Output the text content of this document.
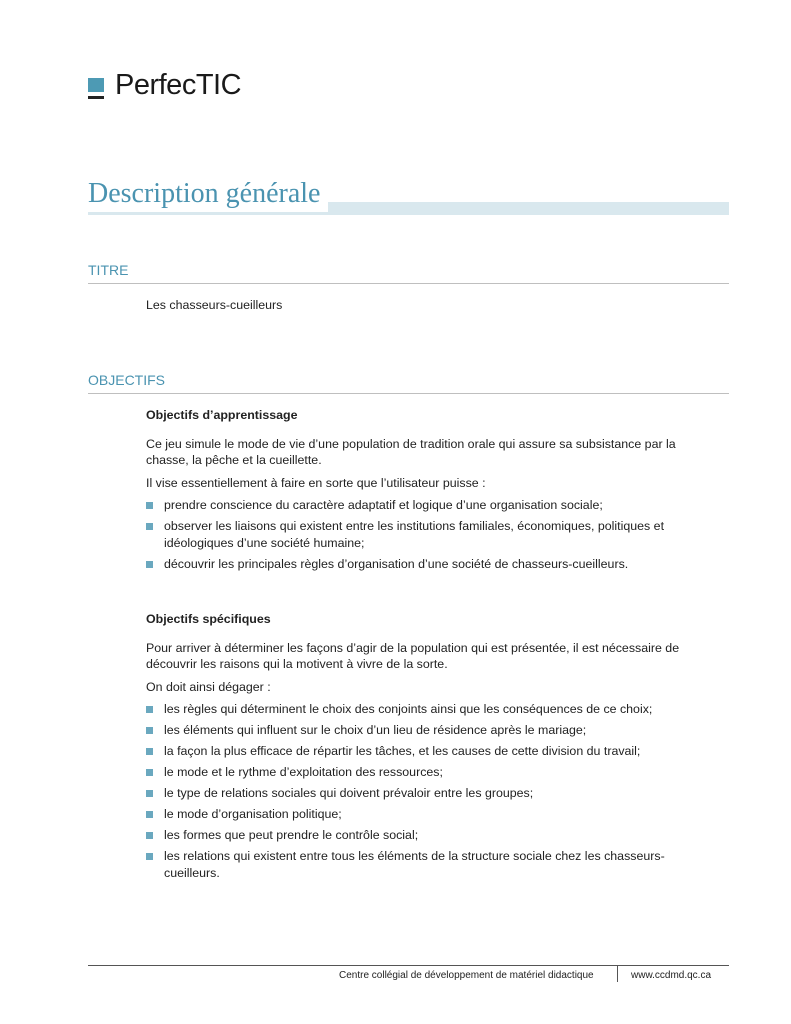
PerfecTIC
Description générale
TITRE

Les chasseurs-cueilleurs

OBJECTIFS

Objectifs d’apprentissage

Ce jeu simule le mode de vie d’une population de tradition orale qui assure sa subsistance par la chasse, la pêche et la cueillette.

Il vise essentiellement à faire en sorte que l’utilisateur puisse :

prendre conscience du caractère adaptatif et logique d’une organisation sociale;
observer les liaisons qui existent entre les institutions familiales, économiques, politiques et idéologiques d’une société humaine;
découvrir les principales règles d’organisation d’une société de chasseurs-cueilleurs.

Objectifs spécifiques

Pour arriver à déterminer les façons d’agir de la population qui est présentée, il est nécessaire de découvrir les raisons qui la motivent à vivre de la sorte.

On doit ainsi dégager :

les règles qui déterminent le choix des conjoints ainsi que les conséquences de ce choix;
les éléments qui influent sur le choix d’un lieu de résidence après le mariage;
la façon la plus efficace de répartir les tâches, et les causes de cette division du travail;
le mode et le rythme d’exploitation des ressources;
le type de relations sociales qui doivent prévaloir entre les groupes;
le mode d’organisation politique;
les formes que peut prendre le contrôle social;
les relations qui existent entre tous les éléments de la structure sociale chez les chasseurs-cueilleurs.
Centre collégial de développement de matériel didactique	www.ccdmd.qc.ca
